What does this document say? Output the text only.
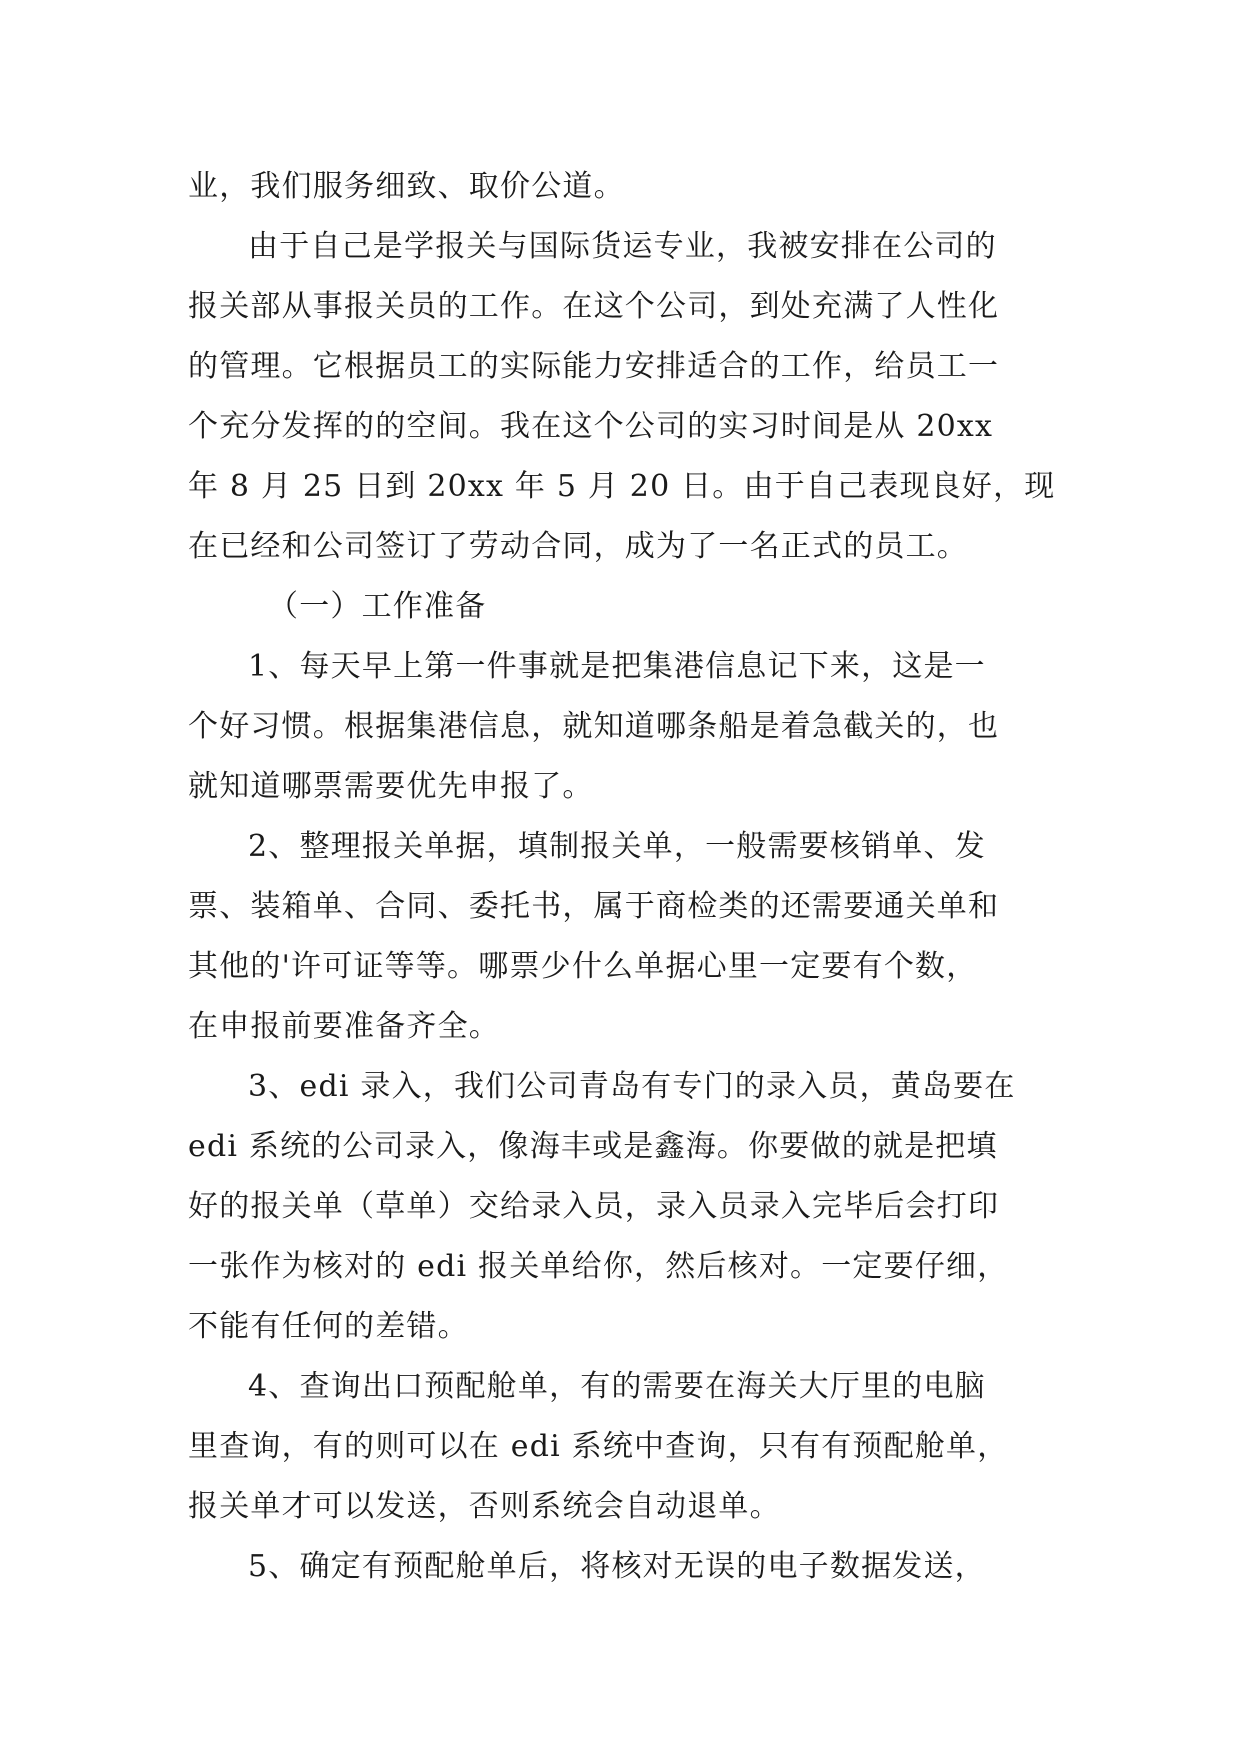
业，我们服务细致、取价公道。

由于自己是学报关与国际货运专业，我被安排在公司的

报关部从事报关员的工作。在这个公司，到处充满了人性化

的管理。它根据员工的实际能力安排适合的工作，给员工一

个充分发挥的的空间。我在这个公司的实习时间是从 20xx

年 8 月 25 日到 20xx 年 5 月 20 日。由于自己表现良好，现

在已经和公司签订了劳动合同，成为了一名正式的员工。

（一）工作准备

1、每天早上第一件事就是把集港信息记下来，这是一

个好习惯。根据集港信息，就知道哪条船是着急截关的，也

就知道哪票需要优先申报了。

2、整理报关单据，填制报关单，一般需要核销单、发

票、装箱单、合同、委托书，属于商检类的还需要通关单和

其他的'许可证等等。哪票少什么单据心里一定要有个数，

在申报前要准备齐全。

3、edi 录入，我们公司青岛有专门的录入员，黄岛要在

edi 系统的公司录入，像海丰或是鑫海。你要做的就是把填

好的报关单（草单）交给录入员，录入员录入完毕后会打印

一张作为核对的 edi 报关单给你，然后核对。一定要仔细，

不能有任何的差错。

4、查询出口预配舱单，有的需要在海关大厅里的电脑

里查询，有的则可以在 edi 系统中查询，只有有预配舱单，

报关单才可以发送，否则系统会自动退单。

5、确定有预配舱单后，将核对无误的电子数据发送，
